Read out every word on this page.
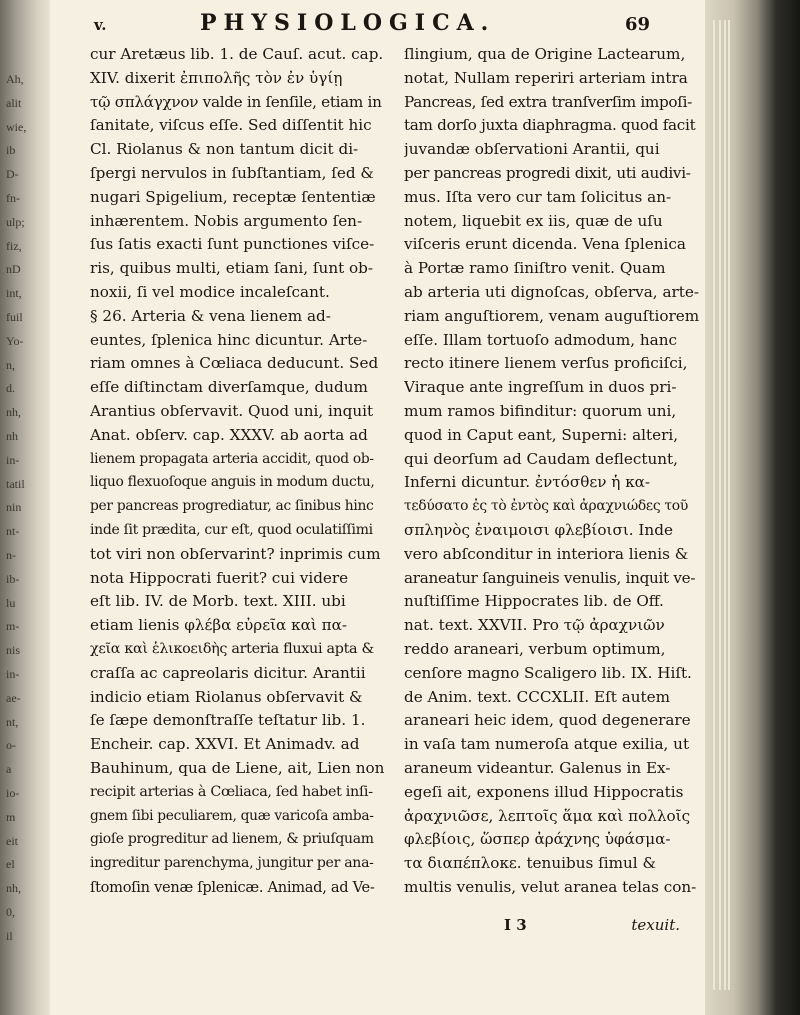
Ah,
alit
wie,
ib
D-
fn-
ulp;
fiz,
nD
int,
fuil
Yo-
n,
d.
nh,
nh
in-
tatil
nin
nt-
n-
ib-
lu
m-
nis
in-
ae-
nt,
o-
a
io-
m
eit
el
nh,
0,
il
v.	PHYSIOLOGICA.	69
cur Aretæus lib. 1. de Cauſ. acut. cap.
XIV. dixerit ἐπιπολῆς τὸν ἐν ὑγίῃ
τῷ σπλάγχνον valde in ſenſile, etiam in
ſanitate, viſcus eſſe. Sed diſſentit hic
Cl. Riolanus & non tantum dicit di-
ſpergi nervulos in ſubſtantiam, ſed &
nugari Spigelium, receptæ ſententiæ
inhærentem. Nobis argumento ſen-
ſus ſatis exacti ſunt punctiones viſce-
ris, quibus multi, etiam ſani, ſunt ob-
noxii, ſi vel modice incaleſcant.
§ 26. Arteria & vena lienem ad-
euntes, ſplenica hinc dicuntur. Arte-
riam omnes à Cœliaca deducunt. Sed
eſſe diſtinctam diverſamque, dudum
Arantius obſervavit. Quod uni, inquit
Anat. obſerv. cap. XXXV. ab aorta ad
lienem propagata arteria accidit, quod ob-
liquo flexuoſoque anguis in modum ductu,
per pancreas progrediatur, ac ſinibus hinc
inde ſit prædita, cur eſt, quod oculatiſſimi
tot viri non obſervarint? inprimis cum
nota Hippocrati fuerit? cui videre
eſt lib. IV. de Morb. text. XIII. ubi
etiam lienis φλέβα εὐρεῖα καὶ πα-
χεῖα καὶ ἑλικοειδὴς arteria fluxui apta &
craſſa ac capreolaris dicitur. Arantii
indicio etiam Riolanus obſervavit &
ſe ſæpe demonſtraſſe teſtatur lib. 1.
Encheir. cap. XXVI. Et Animadv. ad
Bauhinum, qua de Liene, ait, Lien non
recipit arterias à Cœliaca, ſed habet inſi-
gnem ſibi peculiarem, quæ varicoſa amba-
gioſe progreditur ad lienem, & priuſquam
ingreditur parenchyma, jungitur per ana-
ſtomoſin venæ ſplenicæ. Animad, ad Ve-
ſlingium, qua de Origine Lactearum,
notat, Nullam reperiri arteriam intra
Pancreas, ſed extra tranſverſim impoſi-
tam dorſo juxta diaphragma. quod facit
juvandæ obſervationi Arantii, qui
per pancreas progredi dixit, uti audivi-
mus. Iſta vero cur tam ſolicitus an-
notem, liquebit ex iis, quæ de uſu
viſceris erunt dicenda. Vena ſplenica
à Portæ ramo ſiniſtro venit. Quam
ab arteria uti dignoſcas, obſerva, arte-
riam anguſtiorem, venam auguſtiorem
eſſe. Illam tortuoſo admodum, hanc
recto itinere lienem verſus proficiſci,
Viraque ante ingreſſum in duos pri-
mum ramos bifinditur: quorum uni,
quod in Caput eant, Superni: alteri,
qui deorſum ad Caudam deflectunt,
Inferni dicuntur. ἐντόσθεν ἡ κα-
τεδύσατο ἐς τὸ ἐντὸς καὶ ἀραχνιώδες τοῦ
σπληνὸς ἐναιμοισι φλεβίοισι. Inde
vero abſconditur in interiora lienis &
araneatur ſanguineis venulis, inquit ve-
nuſtiſſime Hippocrates lib. de Off.
nat. text. XXVII. Pro τῷ ἀραχνιῶν
reddo araneari, verbum optimum,
cenſore magno Scaligero lib. IX. Hiſt.
de Anim. text. CCCXLII. Eſt autem
araneari heic idem, quod degenerare
in vaſa tam numeroſa atque exilia, ut
araneum videantur. Galenus in Ex-
egeſi ait, exponens illud Hippocratis
ἀραχνιῶσε, λεπτοῖς ἅμα καὶ πολλοῖς
φλεβίοις, ὥσπερ ἀράχνης ὑφάσμα-
τα διαπέπλοκε. tenuibus ſimul &
multis venulis, velut aranea telas con-
I 3	texuit.
